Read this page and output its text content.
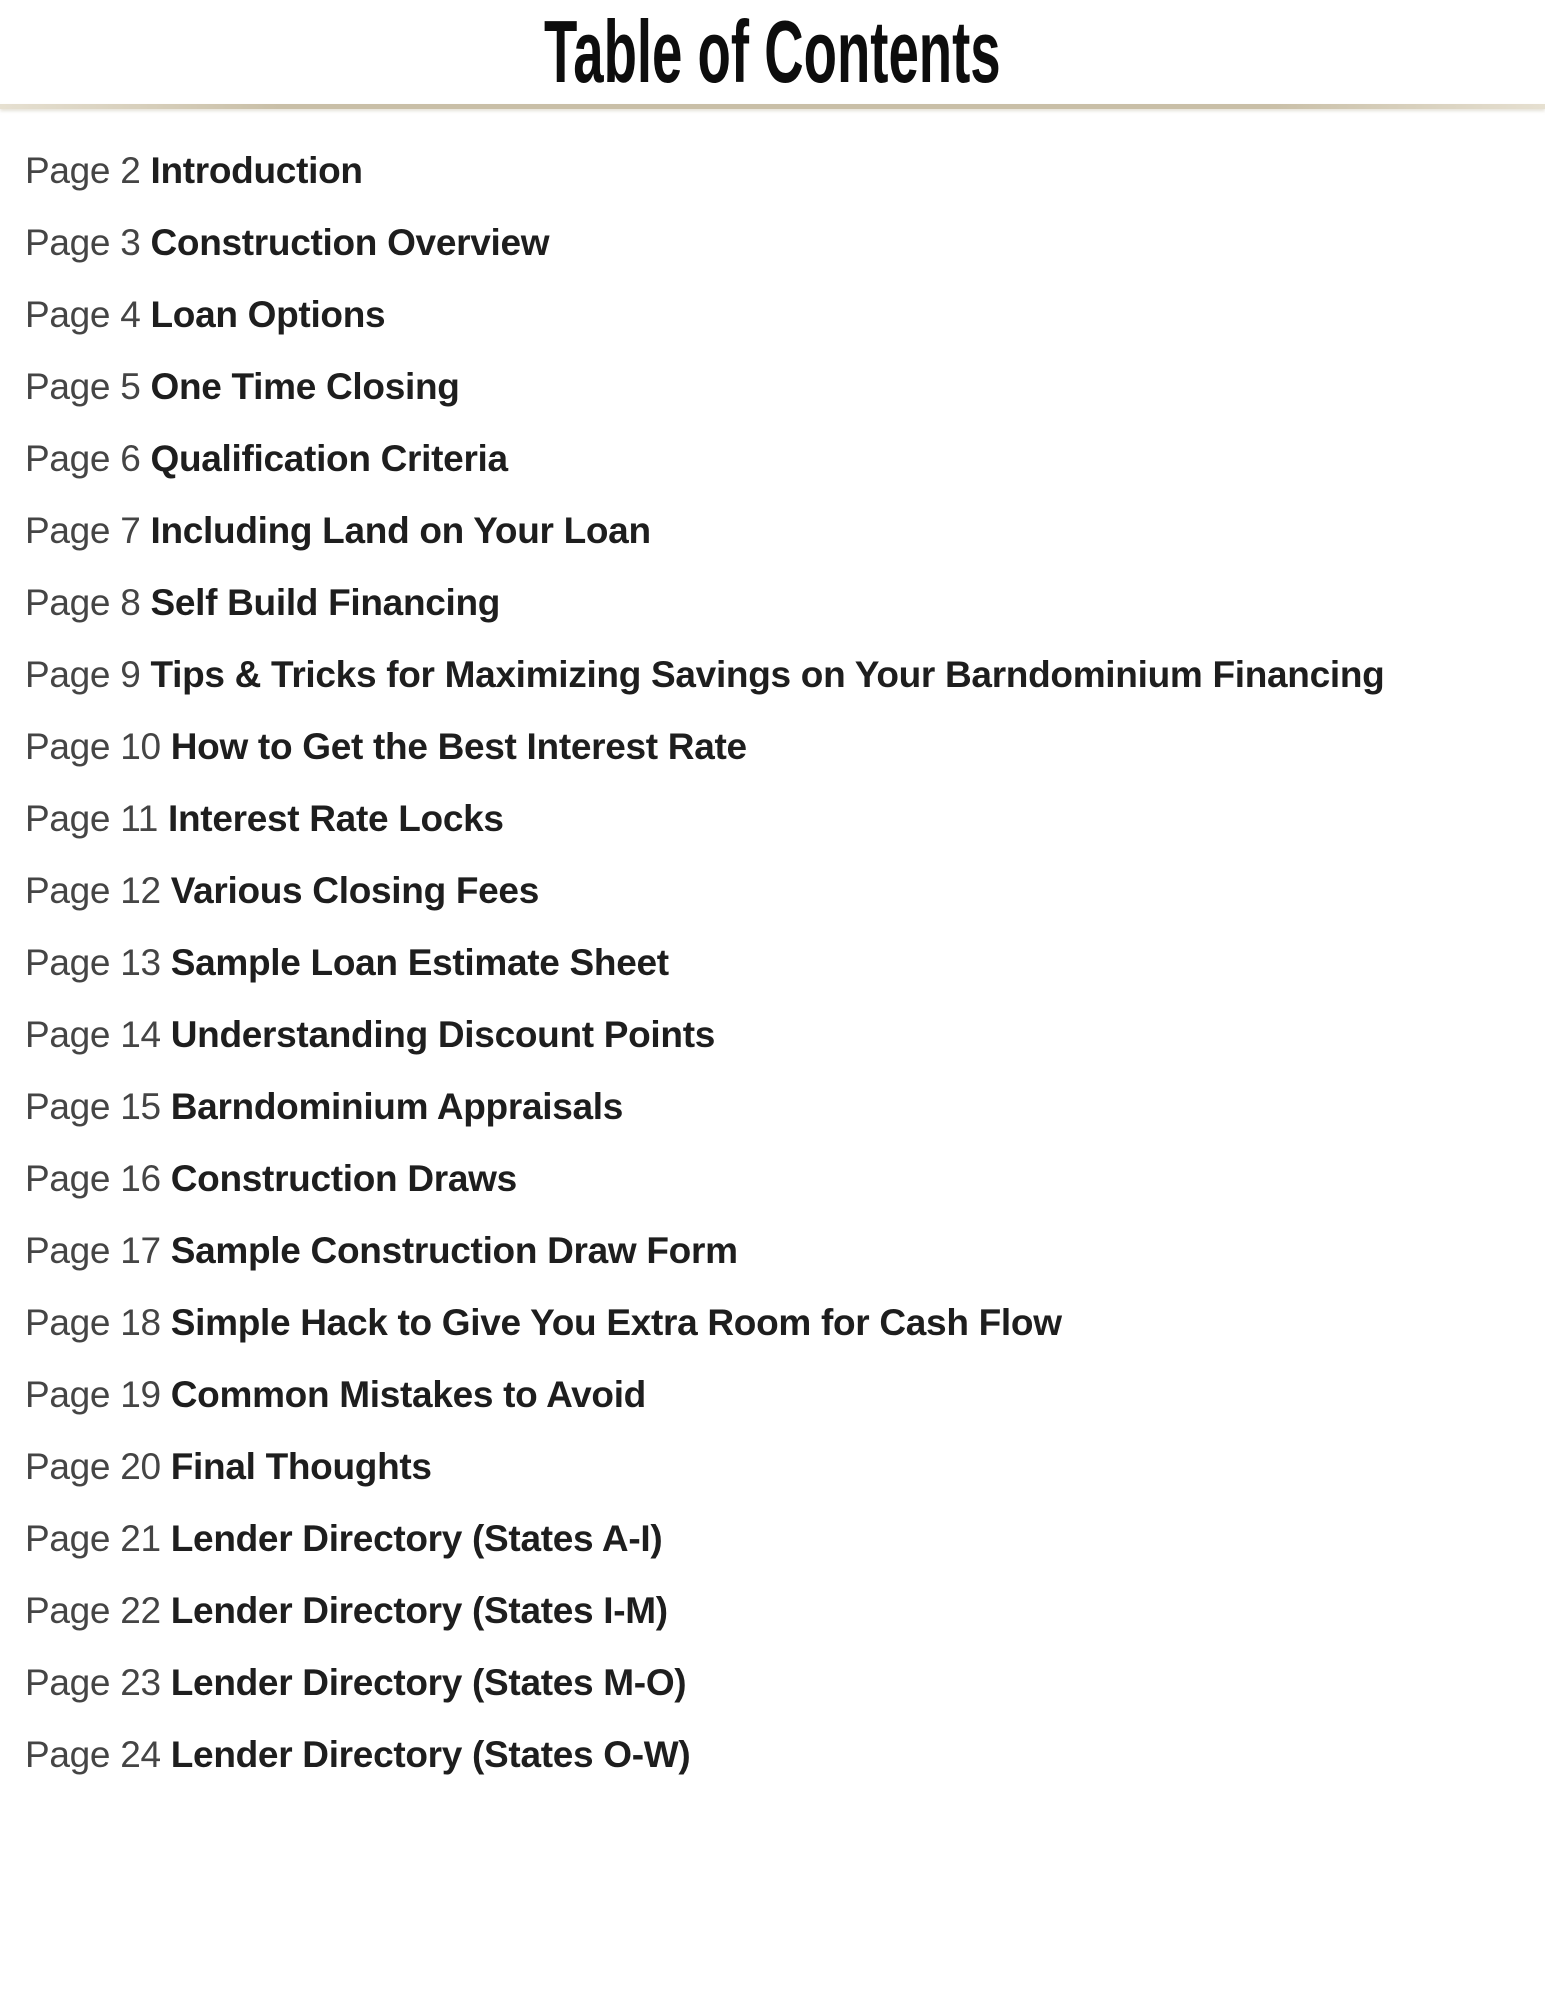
Table of Contents
Page 2 Introduction
Page 3 Construction Overview
Page 4 Loan Options
Page 5 One Time Closing
Page 6 Qualification Criteria
Page 7 Including Land on Your Loan
Page 8 Self Build Financing
Page 9 Tips & Tricks for Maximizing Savings on Your Barndominium Financing
Page 10 How to Get the Best Interest Rate
Page 11 Interest Rate Locks
Page 12 Various Closing Fees
Page 13 Sample Loan Estimate Sheet
Page 14 Understanding Discount Points
Page 15 Barndominium Appraisals
Page 16 Construction Draws
Page 17 Sample Construction Draw Form
Page 18 Simple Hack to Give You Extra Room for Cash Flow
Page 19 Common Mistakes to Avoid
Page 20 Final Thoughts
Page 21 Lender Directory (States A-I)
Page 22 Lender Directory (States I-M)
Page 23 Lender Directory (States M-O)
Page 24 Lender Directory (States O-W)
